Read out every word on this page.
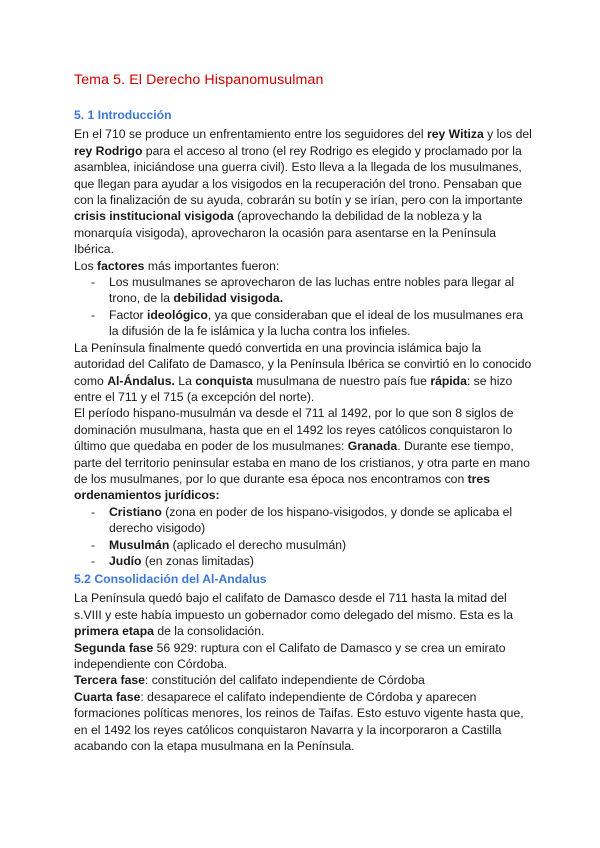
Tema 5. El Derecho Hispanomusulman
5. 1 Introducción

En el 710 se produce un enfrentamiento entre los seguidores del rey Witiza y los del rey Rodrigo para el acceso al trono (el rey Rodrigo es elegido y proclamado por la asamblea, iniciándose una guerra civil). Esto lleva a la llegada de los musulmanes, que llegan para ayudar a los visigodos en la recuperación del trono. Pensaban que con la finalización de su ayuda, cobrarán su botín y se irían, pero con la importante crisis institucional visigoda (aprovechando la debilidad de la nobleza y la monarquía visigoda), aprovecharon la ocasión para asentarse en la Península Ibérica.

Los factores más importantes fueron:

- Los musulmanes se aprovecharon de las luchas entre nobles para llegar al trono, de la debilidad visigoda.
- Factor ideológico, ya que consideraban que el ideal de los musulmanes era la difusión de la fe islámica y la lucha contra los infieles.

La Península finalmente quedó convertida en una provincia islámica bajo la autoridad del Califato de Damasco, y la Península Ibérica se convirtió en lo conocido como Al-Ándalus. La conquista musulmana de nuestro país fue rápida: se hizo entre el 711 y el 715 (a excepción del norte).

El período hispano-musulmán va desde el 711 al 1492, por lo que son 8 siglos de dominación musulmana, hasta que en el 1492 los reyes católicos conquistaron lo último que quedaba en poder de los musulmanes: Granada. Durante ese tiempo, parte del territorio peninsular estaba en mano de los cristianos, y otra parte en mano de los musulmanes, por lo que durante esa época nos encontramos con tres ordenamientos jurídicos:

- Cristiano (zona en poder de los hispano-visigodos, y donde se aplicaba el derecho visigodo)
- Musulmán (aplicado el derecho musulmán)
- Judío (en zonas limitadas)
5.2 Consolidación del Al-Andalus

La Península quedó bajo el califato de Damasco desde el 711 hasta la mitad del s.VIII y este había impuesto un gobernador como delegado del mismo. Esta es la primera etapa de la consolidación.

Segunda fase 56 929: ruptura con el Califato de Damasco y se crea un emirato independiente con Córdoba.

Tercera fase: constitución del califato independiente de Córdoba

Cuarta fase: desaparece el califato independiente de Córdoba y aparecen formaciones políticas menores, los reinos de Taifas. Esto estuvo vigente hasta que, en el 1492 los reyes católicos conquistaron Navarra y la incorporaron a Castilla acabando con la etapa musulmana en la Península.
